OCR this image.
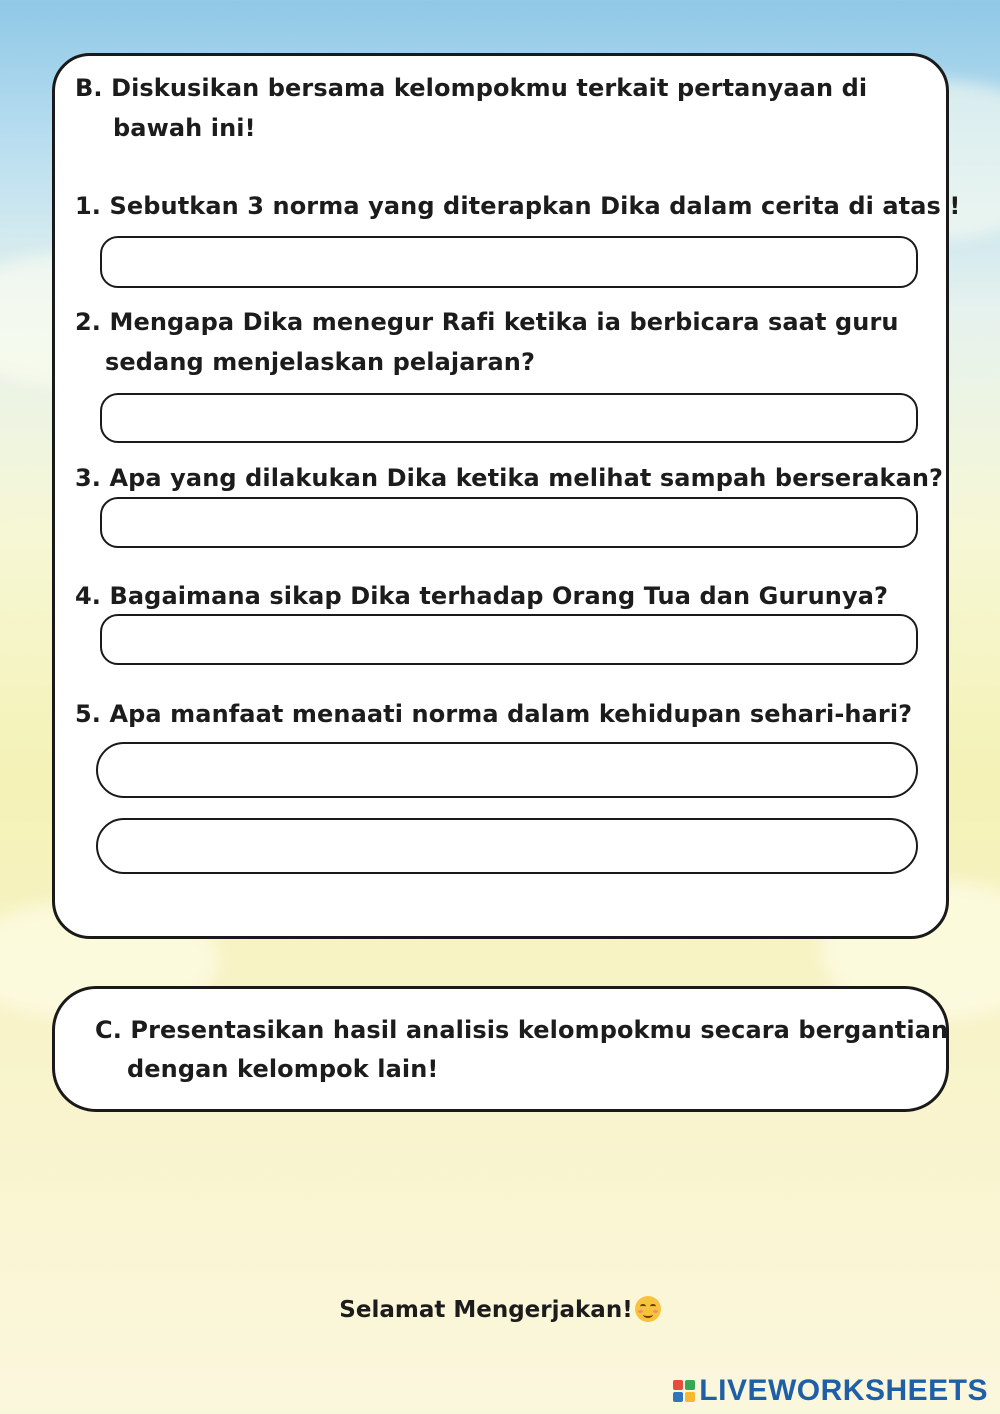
B. Diskusikan bersama kelompokmu terkait pertanyaan di
bawah ini!
1. Sebutkan 3 norma yang diterapkan Dika dalam cerita di atas !
2. Mengapa Dika menegur Rafi ketika ia berbicara saat guru
sedang menjelaskan pelajaran?
3. Apa yang dilakukan Dika ketika melihat sampah berserakan?
4. Bagaimana sikap Dika terhadap Orang Tua dan Gurunya?
5. Apa manfaat menaati norma dalam kehidupan sehari-hari?
C. Presentasikan hasil analisis kelompokmu secara bergantian
dengan kelompok lain!
Selamat Mengerjakan!
LIVEWORKSHEETS
